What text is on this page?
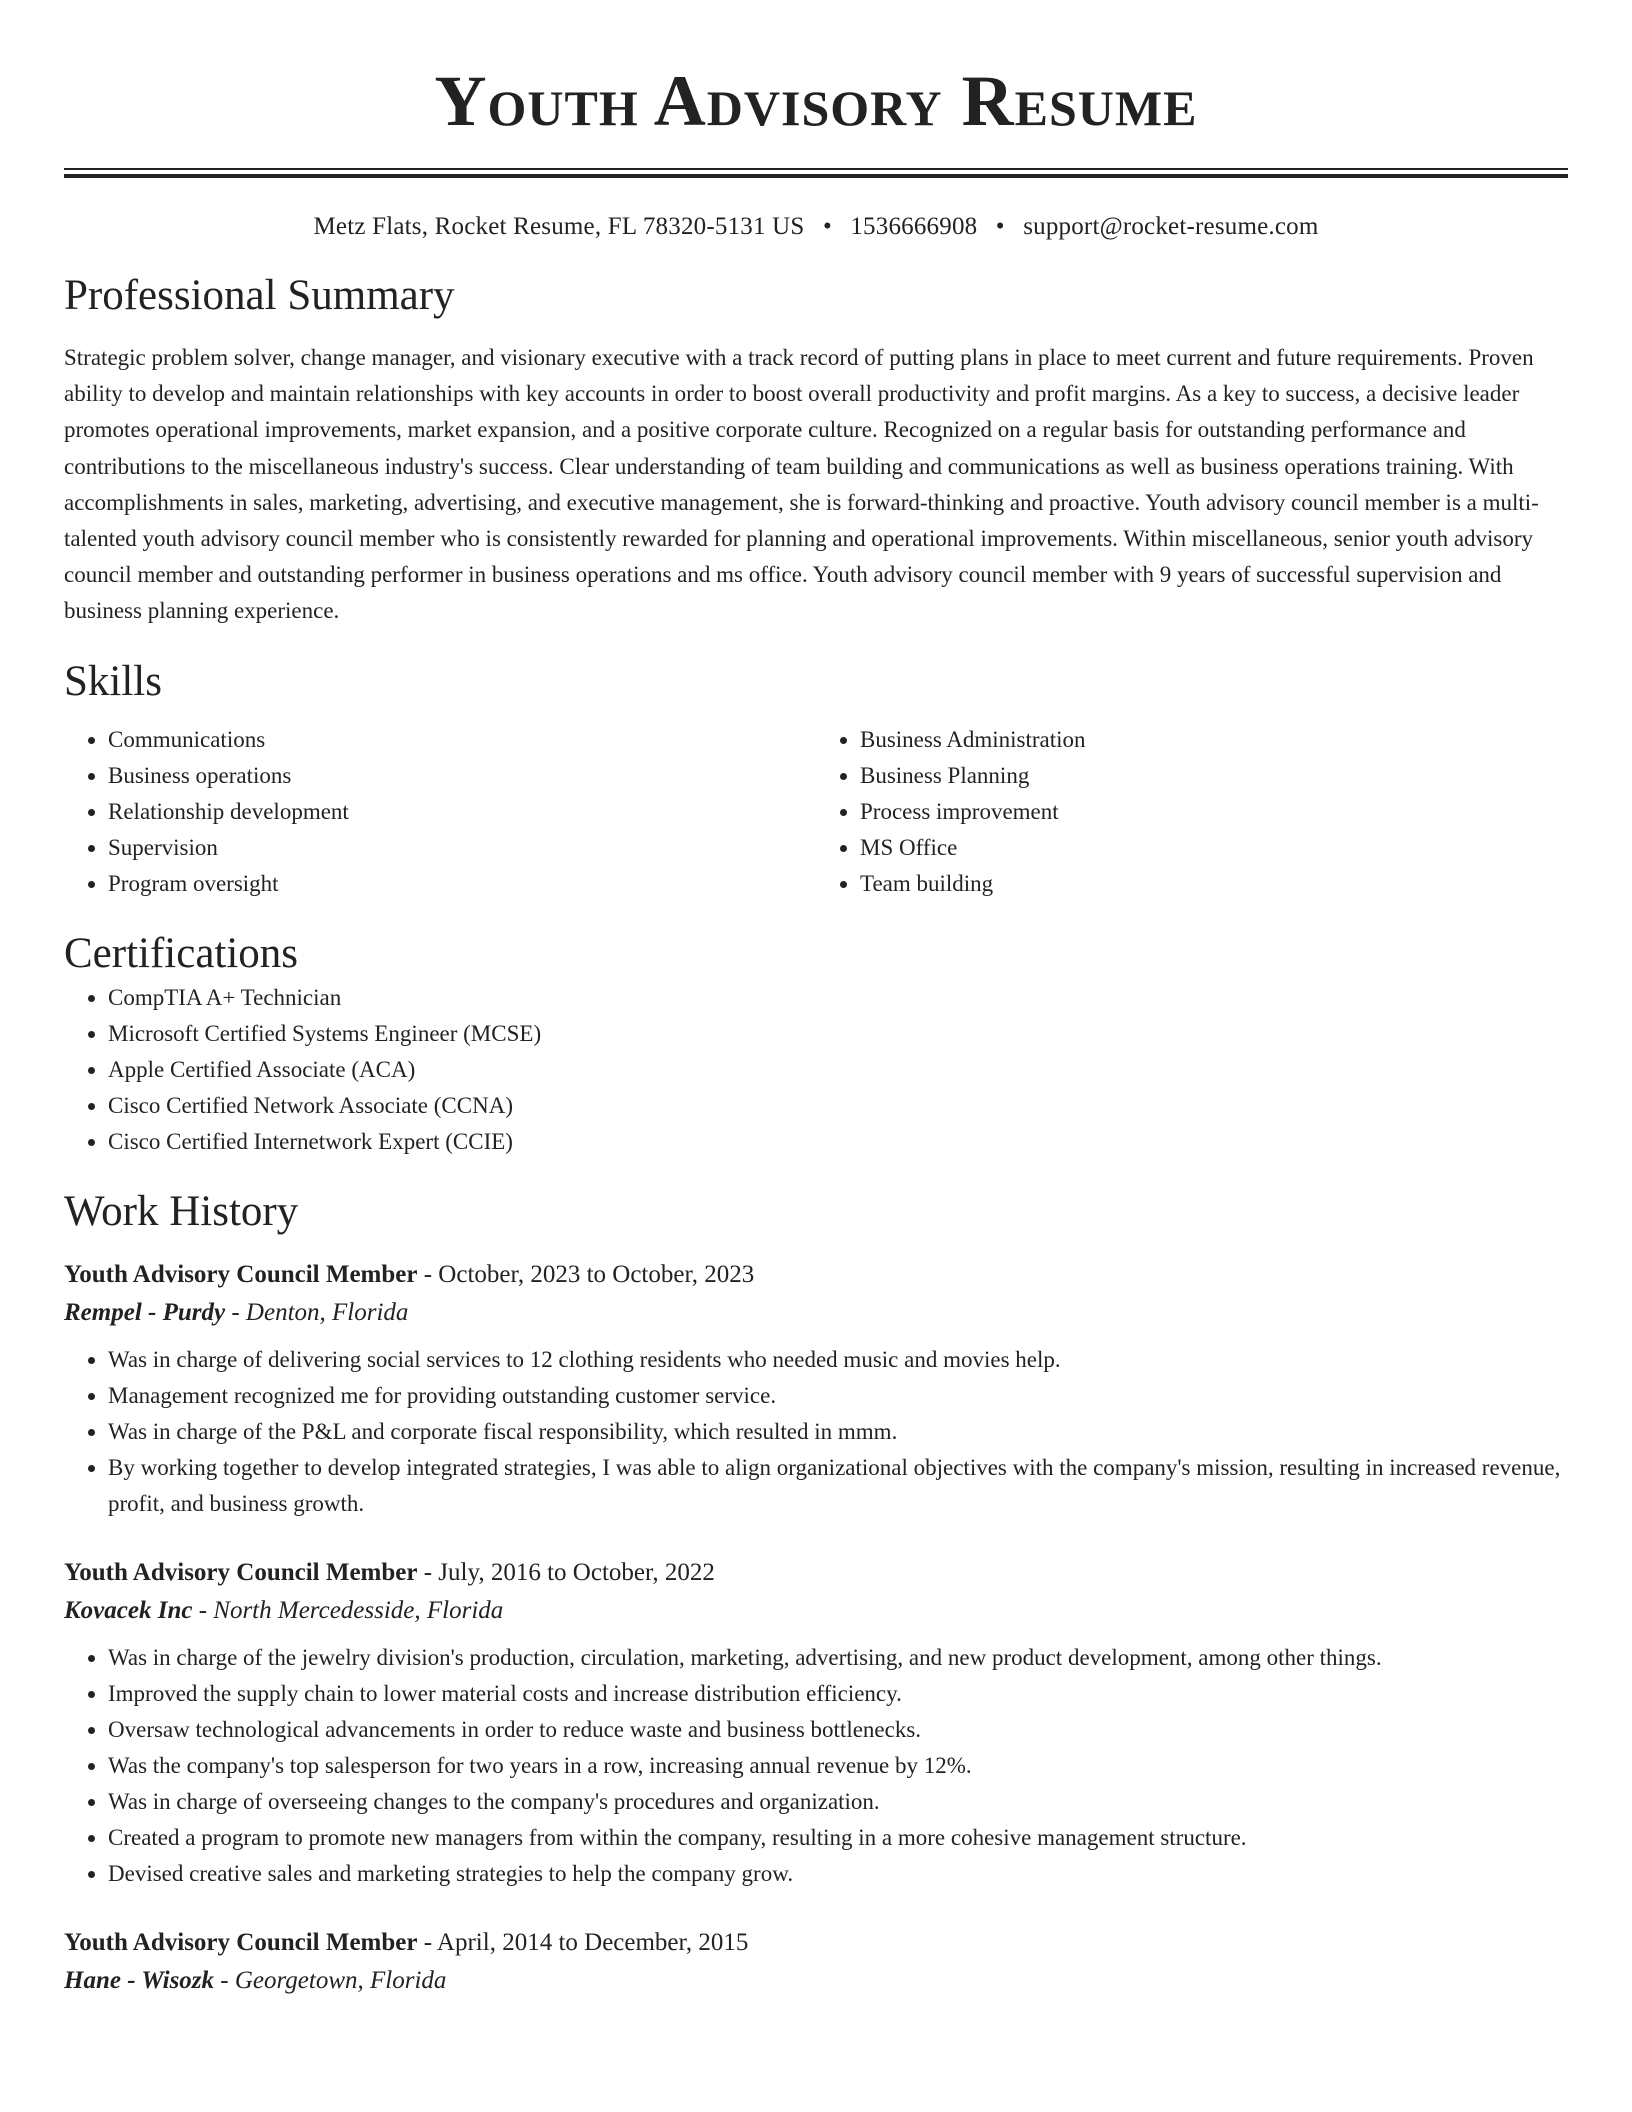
Youth Advisory Resume
Metz Flats, Rocket Resume, FL 78320-5131 US • 1536666908 • support@rocket-resume.com
Professional Summary

Strategic problem solver, change manager, and visionary executive with a track record of putting plans in place to meet current and future requirements. Proven ability to develop and maintain relationships with key accounts in order to boost overall productivity and profit margins. As a key to success, a decisive leader promotes operational improvements, market expansion, and a positive corporate culture. Recognized on a regular basis for outstanding performance and contributions to the miscellaneous industry's success. Clear understanding of team building and communications as well as business operations training. With accomplishments in sales, marketing, advertising, and executive management, she is forward-thinking and proactive. Youth advisory council member is a multi-talented youth advisory council member who is consistently rewarded for planning and operational improvements. Within miscellaneous, senior youth advisory council member and outstanding performer in business operations and ms office. Youth advisory council member with 9 years of successful supervision and business planning experience.

Skills
• Communications
• Business operations
• Relationship development
• Supervision
• Program oversight
• Business Administration
• Business Planning
• Process improvement
• MS Office
• Team building
Certifications
• CompTIA A+ Technician
• Microsoft Certified Systems Engineer (MCSE)
• Apple Certified Associate (ACA)
• Cisco Certified Network Associate (CCNA)
• Cisco Certified Internetwork Expert (CCIE)
Work History
Youth Advisory Council Member - October, 2023 to October, 2023
Rempel - Purdy - Denton, Florida
• Was in charge of delivering social services to 12 clothing residents who needed music and movies help.
• Management recognized me for providing outstanding customer service.
• Was in charge of the P&L and corporate fiscal responsibility, which resulted in mmm.
• By working together to develop integrated strategies, I was able to align organizational objectives with the company's mission, resulting in increased revenue, profit, and business growth.
Youth Advisory Council Member - July, 2016 to October, 2022
Kovacek Inc - North Mercedesside, Florida
• Was in charge of the jewelry division's production, circulation, marketing, advertising, and new product development, among other things.
• Improved the supply chain to lower material costs and increase distribution efficiency.
• Oversaw technological advancements in order to reduce waste and business bottlenecks.
• Was the company's top salesperson for two years in a row, increasing annual revenue by 12%.
• Was in charge of overseeing changes to the company's procedures and organization.
• Created a program to promote new managers from within the company, resulting in a more cohesive management structure.
• Devised creative sales and marketing strategies to help the company grow.
Youth Advisory Council Member - April, 2014 to December, 2015
Hane - Wisozk - Georgetown, Florida
